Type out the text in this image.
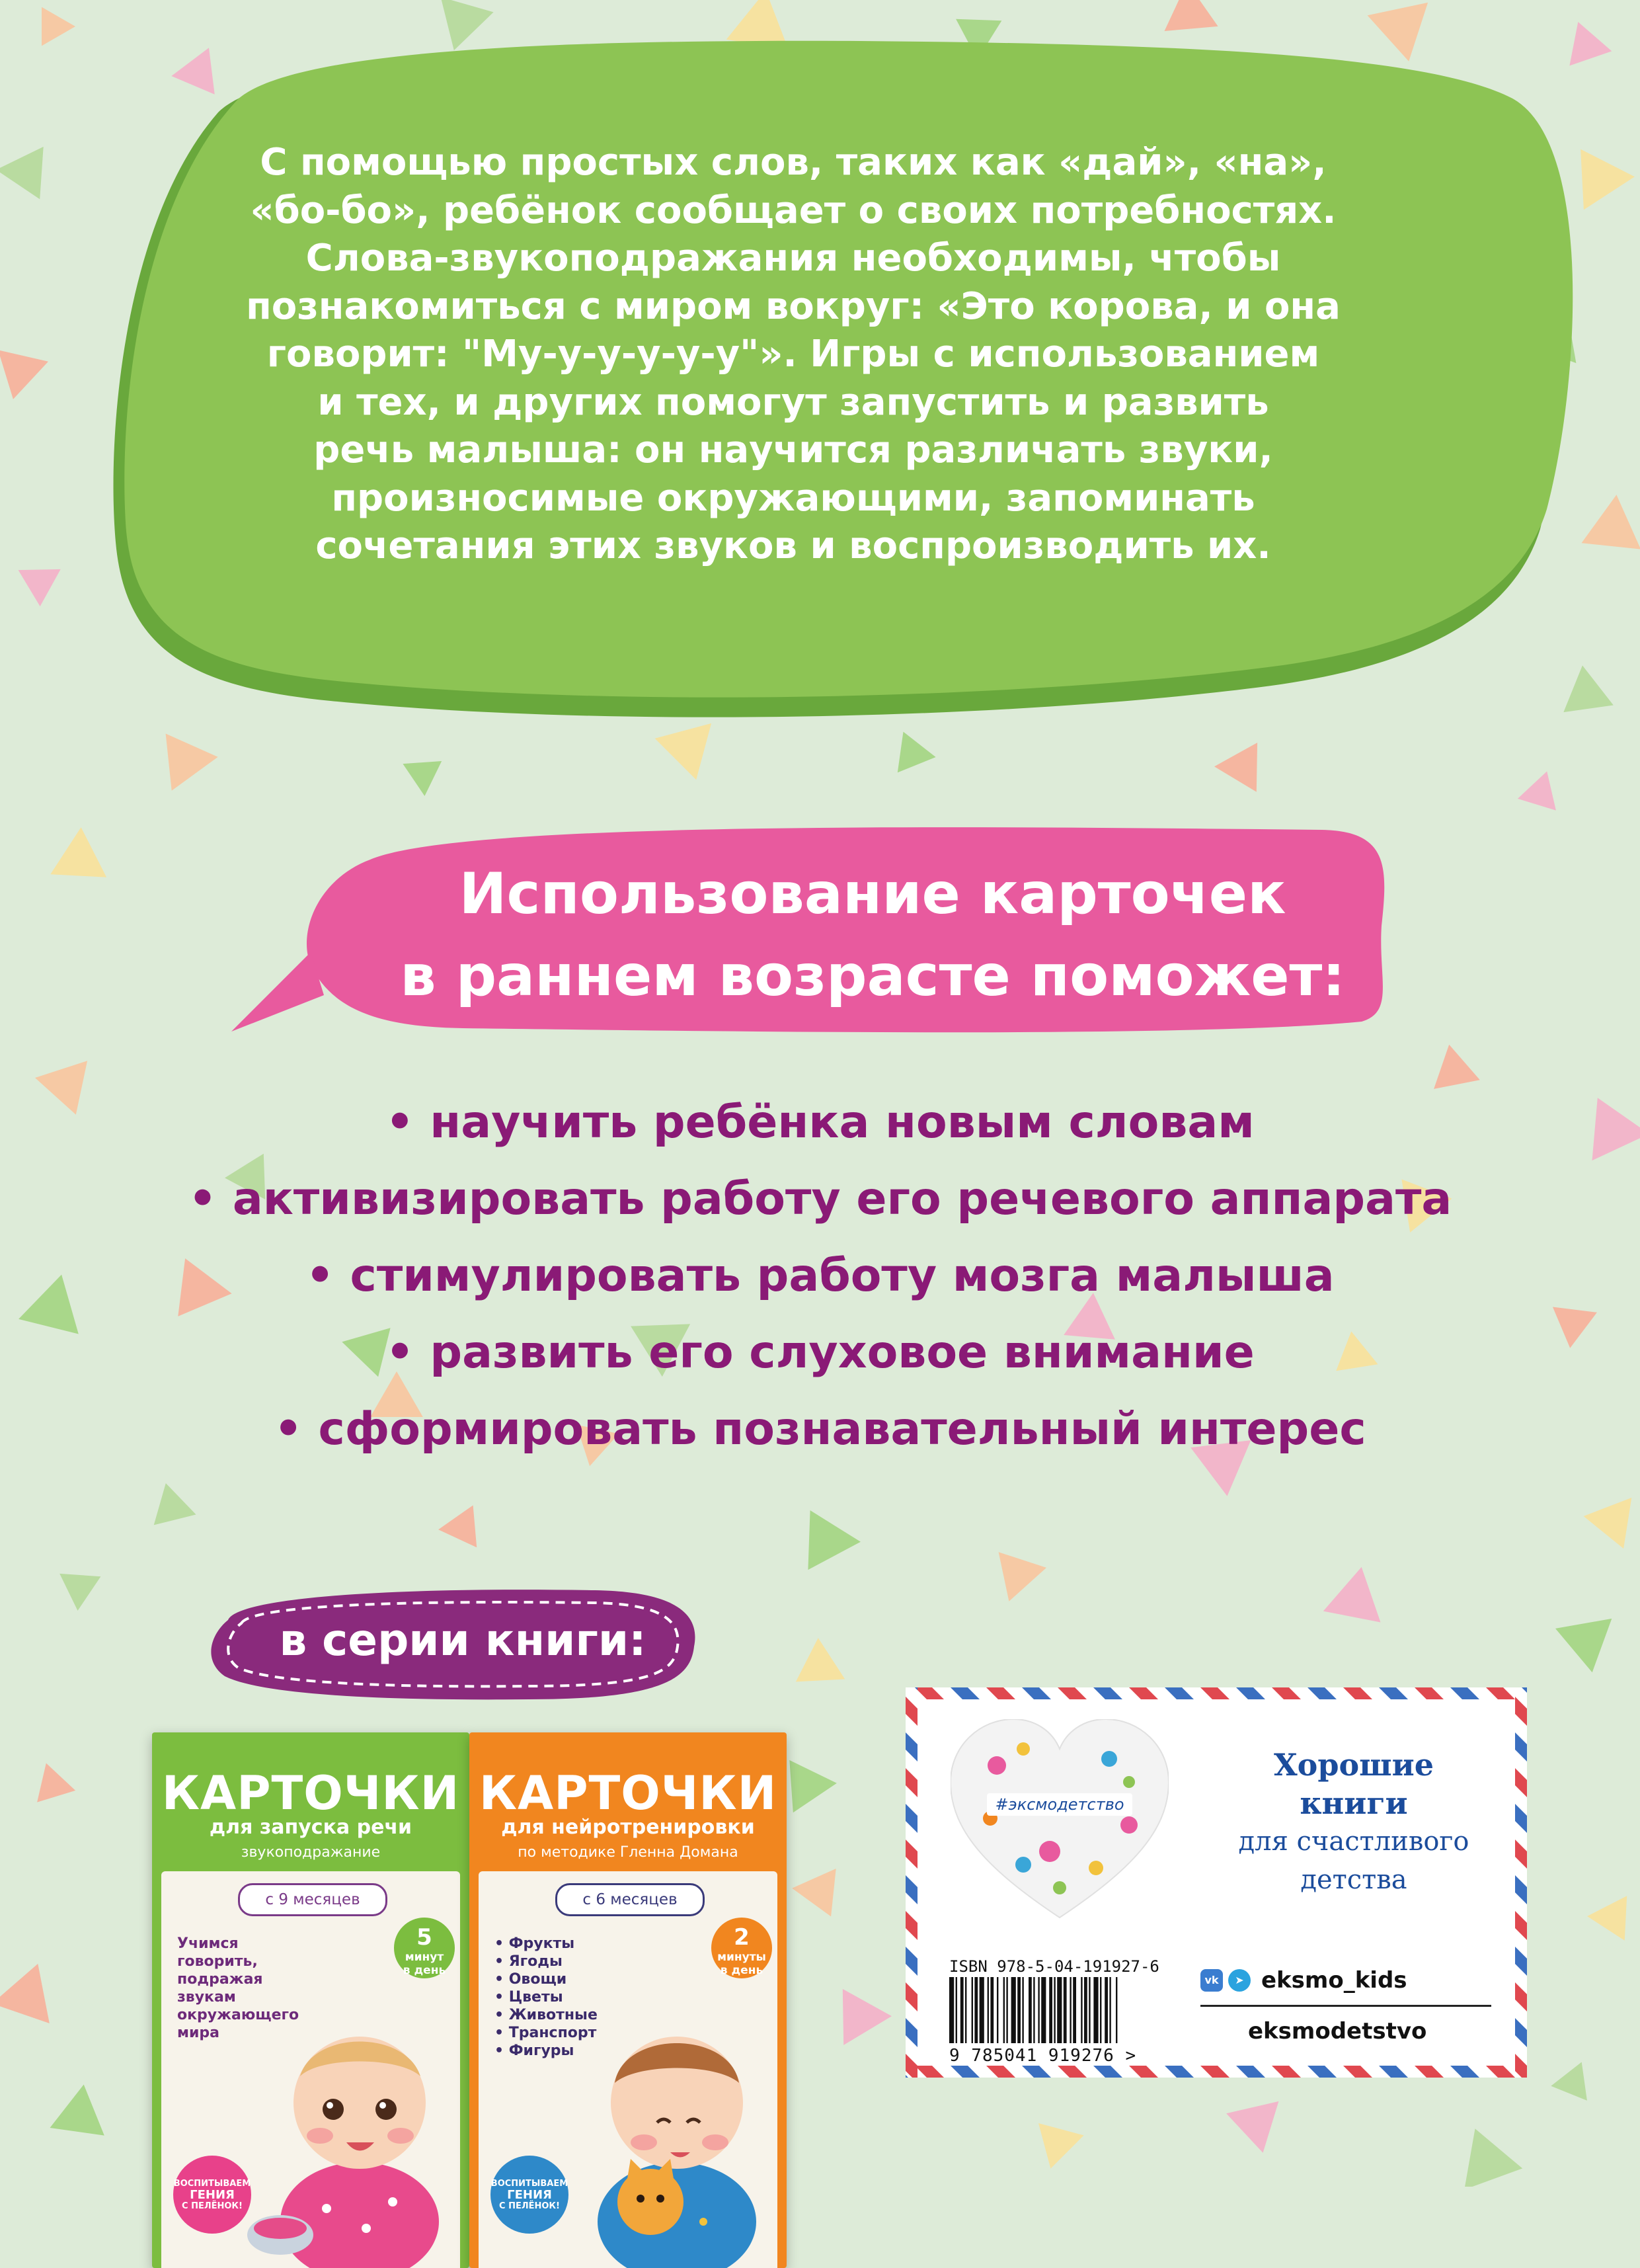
С помощью простых слов, таких как «дай», «на»,
«бо-бо», ребёнок сообщает о своих потребностях.
Слова-звукоподражания необходимы, чтобы
познакомиться с миром вокруг: «Это корова, и она
говорит: "Му-у-у-у-у-у"». Игры с использованием
и тех, и других помогут запустить и развить
речь малыша: он научится различать звуки,
произносимые окружающими, запоминать
сочетания этих звуков и воспроизводить их.
Использование карточек
в раннем возрасте поможет:
• научить ребёнка новым словам
• активизировать работу его речевого аппарата
• стимулировать работу мозга малыша
• развить его слуховое внимание
• сформировать познавательный интерес
в серии книги:
КАРТОЧКИ
для запуска речи
звукоподражание
с 9 месяцев
5
минут
в день
Учимся
говорить,
подражая
звукам
окружающего
мира
ВОСПИТЫВАЕМ
ГЕНИЯ
С ПЕЛЁНОК!
КАРТОЧКИ
для нейротренировки
по методике Гленна Домана
с 6 месяцев
2
минуты
в день
• Фрукты
• Ягоды
• Овощи
• Цветы
• Животные
• Транспорт
• Фигуры
ВОСПИТЫВАЕМ
ГЕНИЯ
С ПЕЛЁНОК!
#эксмодетство
Хорошие
книги
для счастливого
детства
ISBN 978-5-04-191927-6
9 785041 919276 >
vk	➤ eksmo_kids
eksmodetstvo
